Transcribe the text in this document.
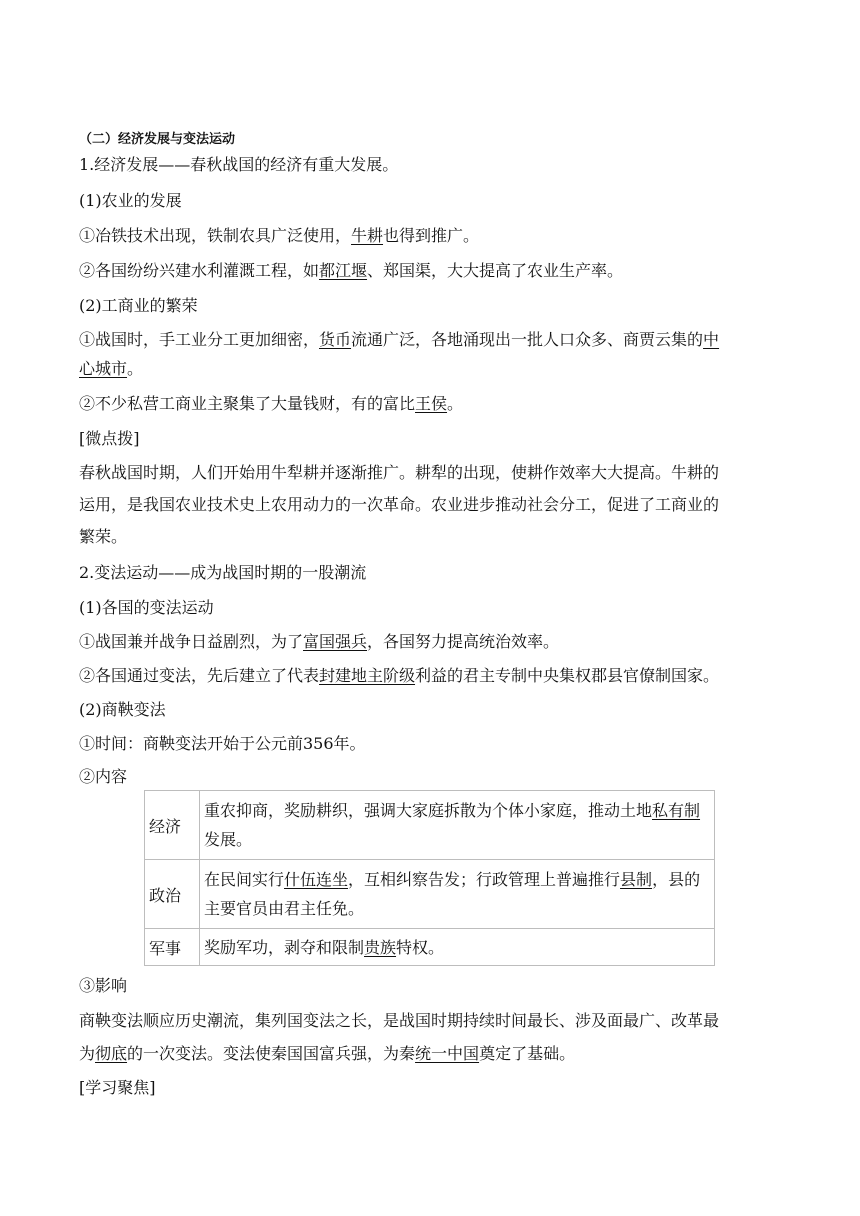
（二）经济发展与变法运动
1.经济发展——春秋战国的经济有重大发展。
(1)农业的发展
①冶铁技术出现，铁制农具广泛使用，牛耕也得到推广。
②各国纷纷兴建水利灌溉工程，如都江堰、郑国渠，大大提高了农业生产率。
(2)工商业的繁荣
①战国时，手工业分工更加细密，货币流通广泛，各地涌现出一批人口众多、商贾云集的中
心城市。
②不少私营工商业主聚集了大量钱财，有的富比王侯。
[微点拨]
春秋战国时期，人们开始用牛犁耕并逐渐推广。耕犁的出现，使耕作效率大大提高。牛耕的
运用，是我国农业技术史上农用动力的一次革命。农业进步推动社会分工，促进了工商业的
繁荣。
2.变法运动——成为战国时期的一股潮流
(1)各国的变法运动
①战国兼并战争日益剧烈，为了富国强兵，各国努力提高统治效率。
②各国通过变法，先后建立了代表封建地主阶级利益的君主专制中央集权郡县官僚制国家。
(2)商鞅变法
①时间：商鞅变法开始于公元前356年。
②内容
经济	重农抑商，奖励耕织，强调大家庭拆散为个体小家庭，推动土地私有制发展。
政治	在民间实行什伍连坐，互相纠察告发；行政管理上普遍推行县制，县的主要官员由君主任免。
军事	奖励军功，剥夺和限制贵族特权。
③影响
商鞅变法顺应历史潮流，集列国变法之长，是战国时期持续时间最长、涉及面最广、改革最
为彻底的一次变法。变法使秦国国富兵强，为秦统一中国奠定了基础。
[学习聚焦]
